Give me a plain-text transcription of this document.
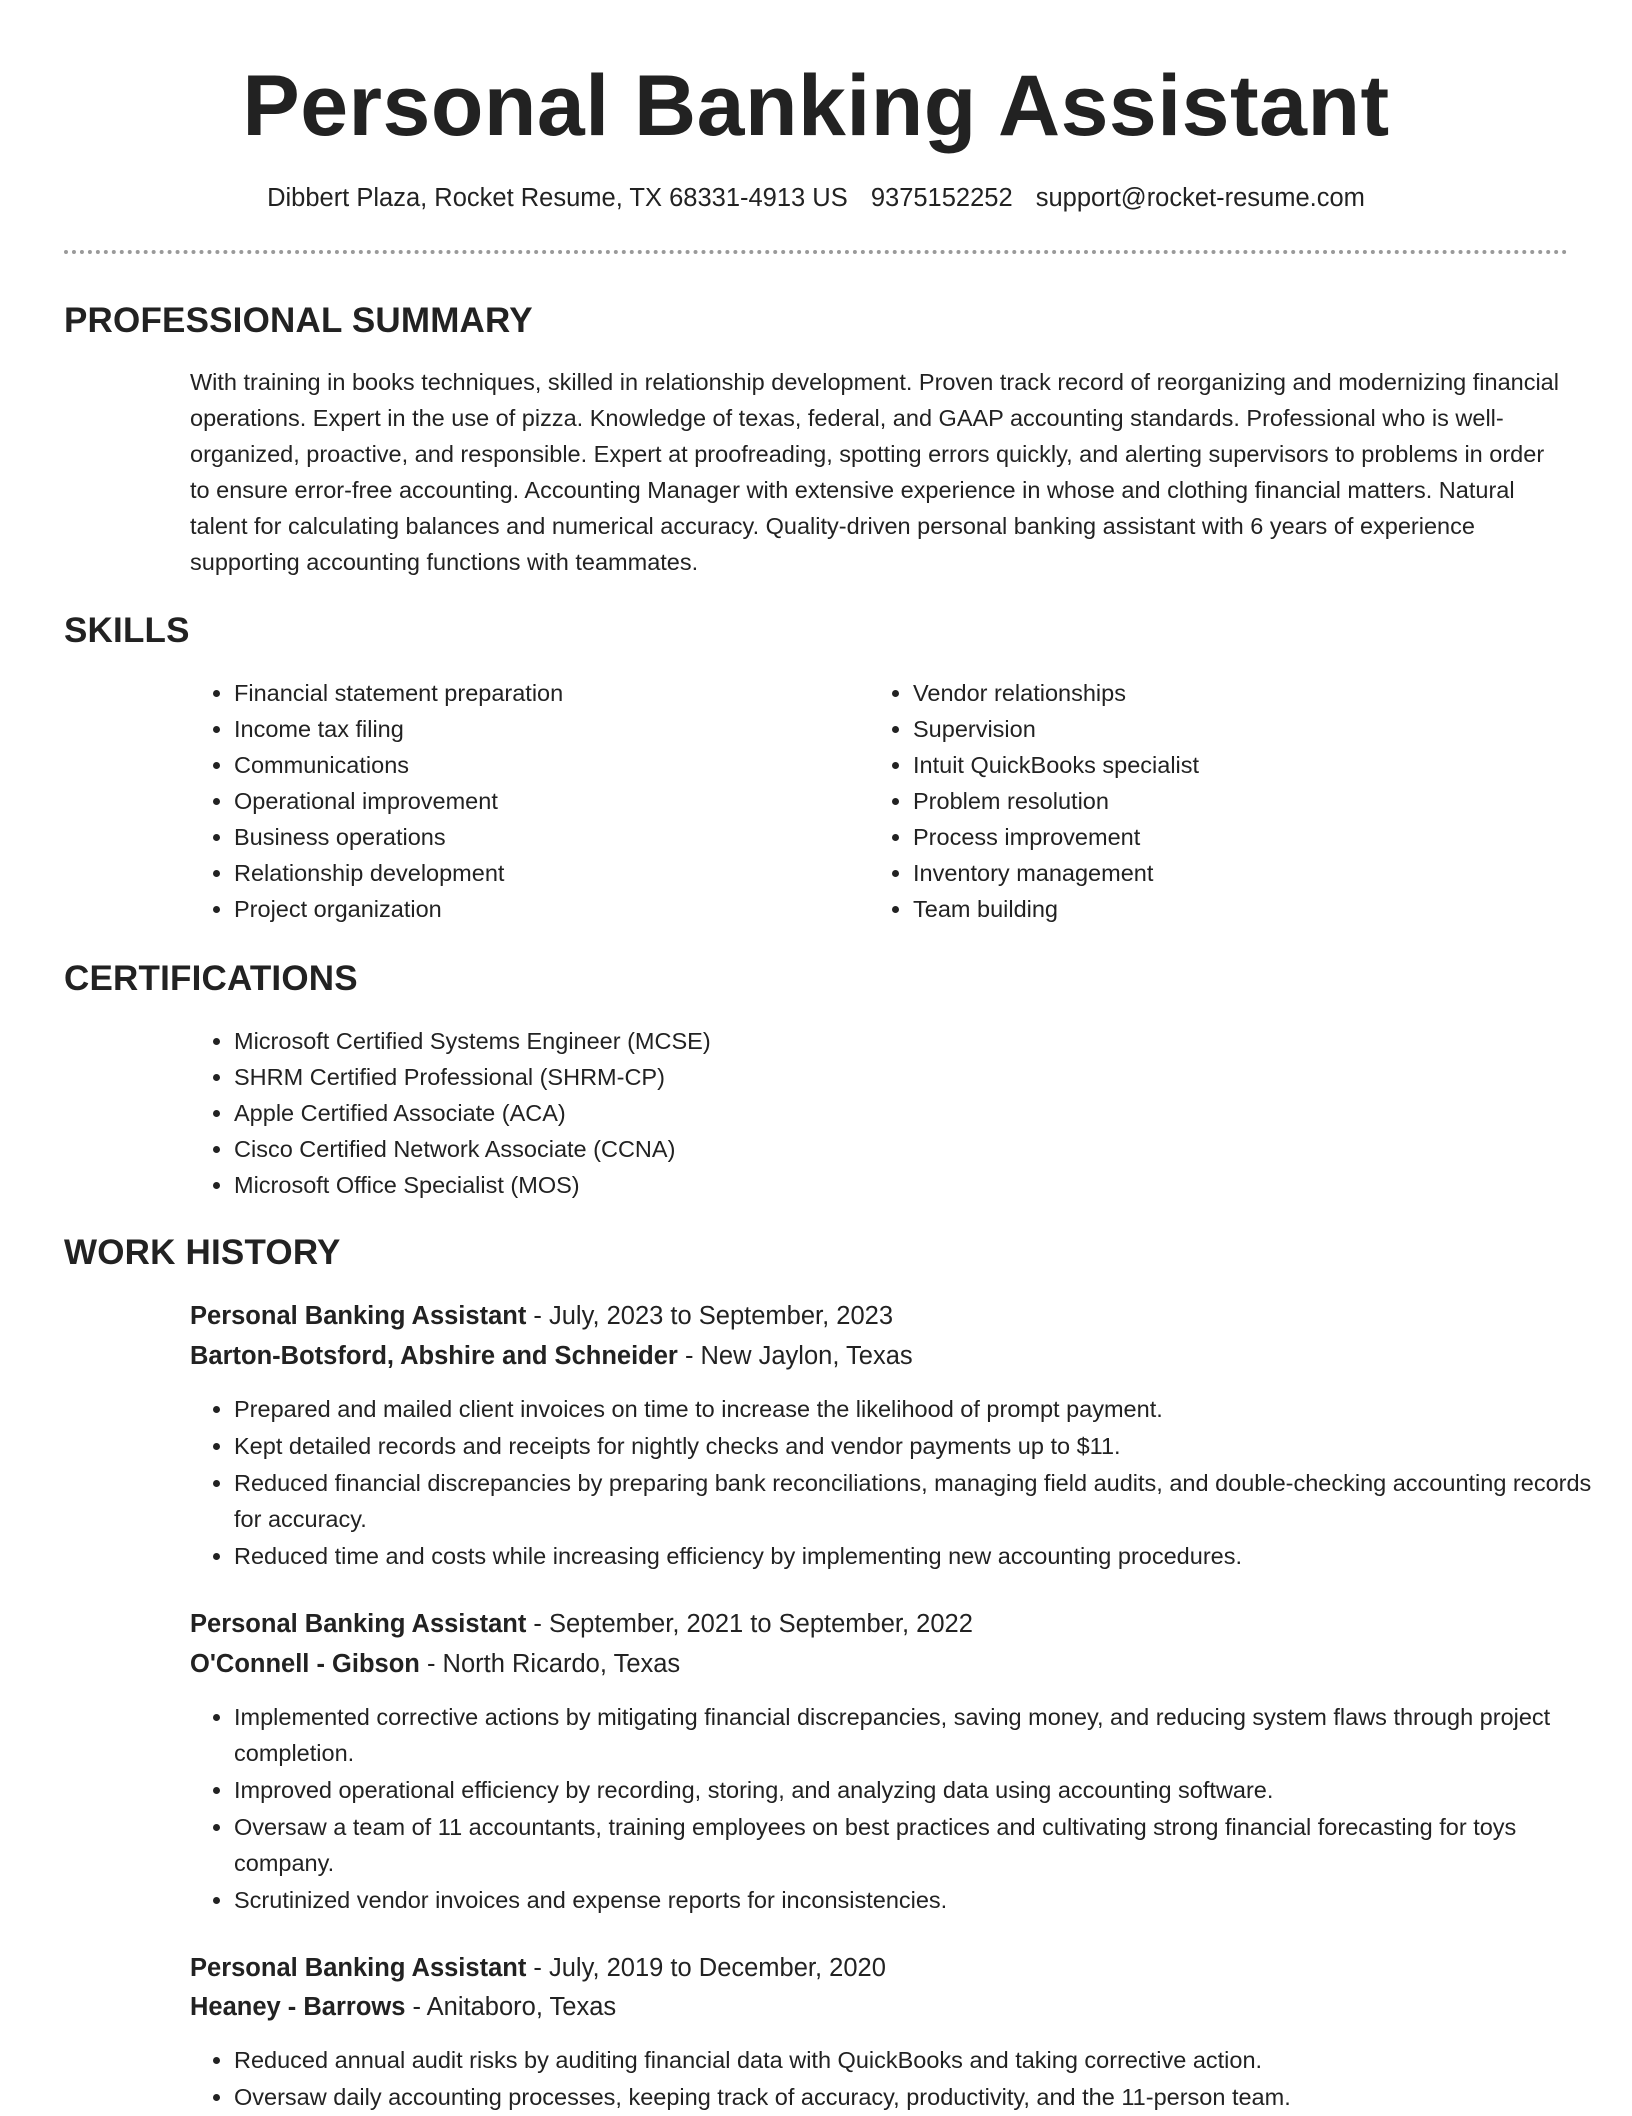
Personal Banking Assistant
Dibbert Plaza, Rocket Resume, TX 68331-4913 US 9375152252 support@rocket-resume.com
PROFESSIONAL SUMMARY

With training in books techniques, skilled in relationship development. Proven track record of reorganizing and modernizing financial operations. Expert in the use of pizza. Knowledge of texas, federal, and GAAP accounting standards. Professional who is well-organized, proactive, and responsible. Expert at proofreading, spotting errors quickly, and alerting supervisors to problems in order to ensure error-free accounting. Accounting Manager with extensive experience in whose and clothing financial matters. Natural talent for calculating balances and numerical accuracy. Quality-driven personal banking assistant with 6 years of experience supporting accounting functions with teammates.

SKILLS
• Financial statement preparation
• Income tax filing
• Communications
• Operational improvement
• Business operations
• Relationship development
• Project organization
• Vendor relationships
• Supervision
• Intuit QuickBooks specialist
• Problem resolution
• Process improvement
• Inventory management
• Team building
CERTIFICATIONS
• Microsoft Certified Systems Engineer (MCSE)
• SHRM Certified Professional (SHRM-CP)
• Apple Certified Associate (ACA)
• Cisco Certified Network Associate (CCNA)
• Microsoft Office Specialist (MOS)
WORK HISTORY
Personal Banking Assistant - July, 2023 to September, 2023
Barton-Botsford, Abshire and Schneider - New Jaylon, Texas
• Prepared and mailed client invoices on time to increase the likelihood of prompt payment.
• Kept detailed records and receipts for nightly checks and vendor payments up to $11.
• Reduced financial discrepancies by preparing bank reconciliations, managing field audits, and double-checking accounting records for accuracy.
• Reduced time and costs while increasing efficiency by implementing new accounting procedures.
Personal Banking Assistant - September, 2021 to September, 2022
O'Connell - Gibson - North Ricardo, Texas
• Implemented corrective actions by mitigating financial discrepancies, saving money, and reducing system flaws through project completion.
• Improved operational efficiency by recording, storing, and analyzing data using accounting software.
• Oversaw a team of 11 accountants, training employees on best practices and cultivating strong financial forecasting for toys company.
• Scrutinized vendor invoices and expense reports for inconsistencies.
Personal Banking Assistant - July, 2019 to December, 2020
Heaney - Barrows - Anitaboro, Texas
• Reduced annual audit risks by auditing financial data with QuickBooks and taking corrective action.
• Oversaw daily accounting processes, keeping track of accuracy, productivity, and the 11-person team.
